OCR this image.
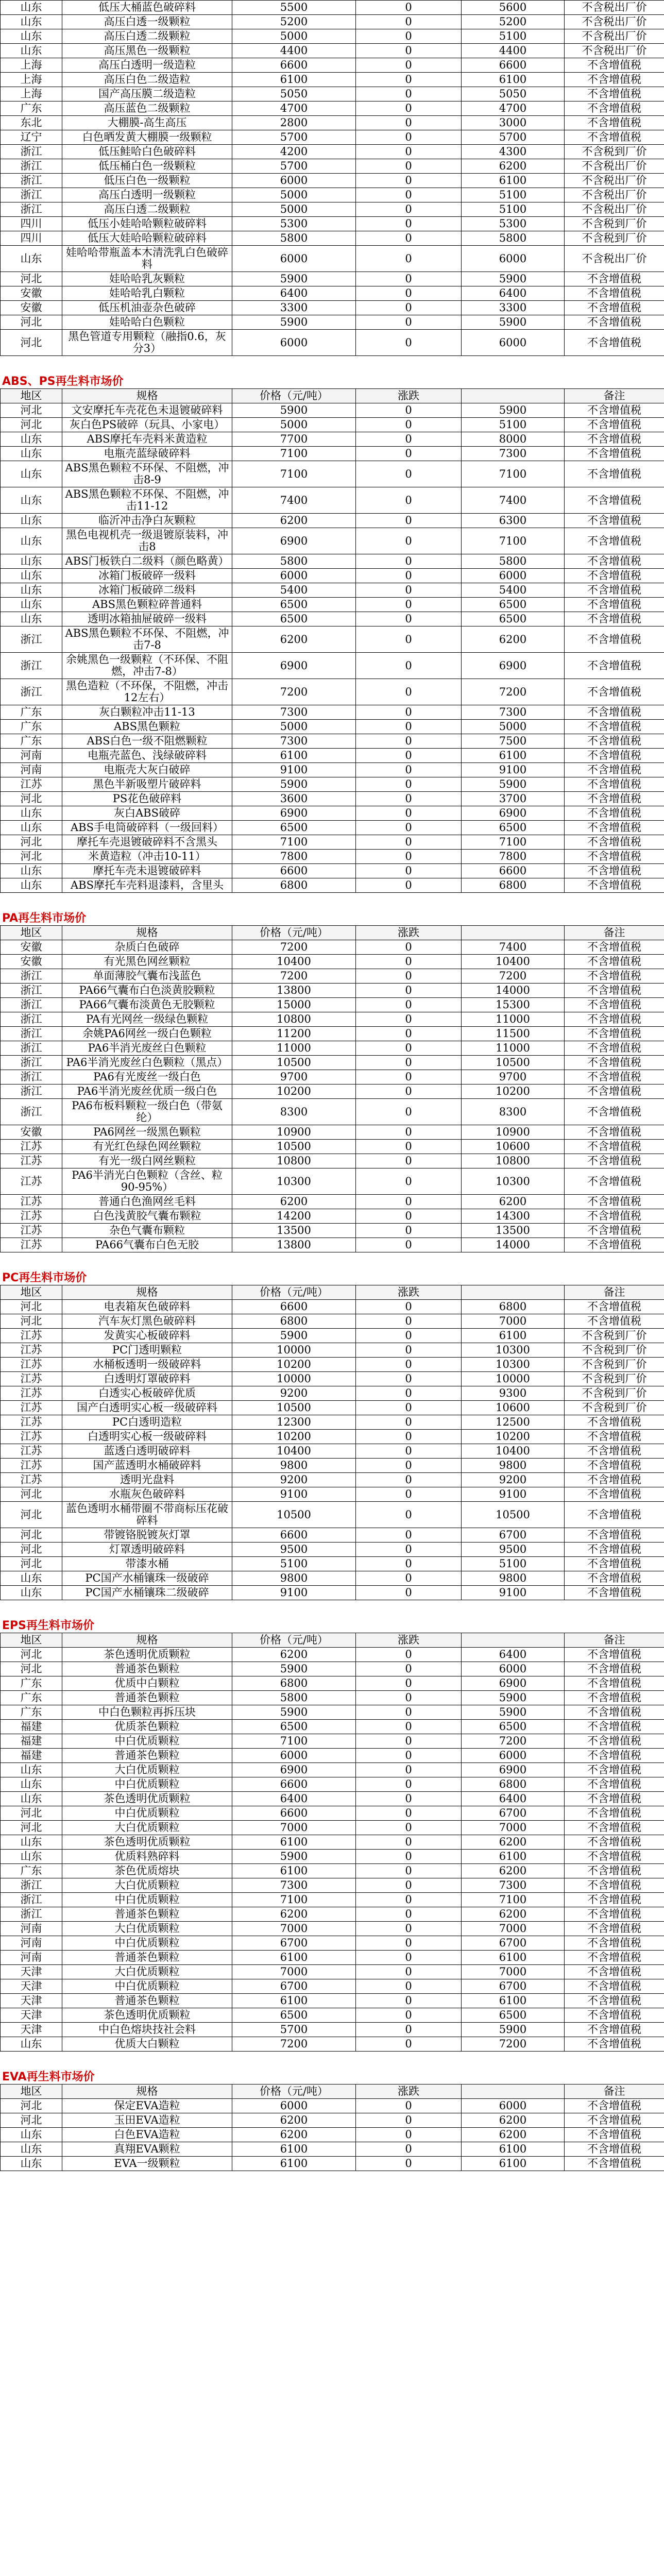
山东	低压大桶蓝色破碎料	5500	0	5600	不含税出厂价
山东	高压白透一级颗粒	5200	0	5200	不含税出厂价
山东	高压白透二级颗粒	5000	0	5100	不含税出厂价
山东	高压黑色一级颗粒	4400	0	4400	不含税出厂价
上海	高压白透明一级造粒	6600	0	6600	不含增值税
上海	高压白色二级造粒	6100	0	6100	不含增值税
上海	国产高压膜二级造粒	5050	0	5050	不含增值税
广东	高压蓝色二级颗粒	4700	0	4700	不含增值税
东北	大棚膜-高生高压	2800	0	3000	不含增值税
辽宁	白色晒发黄大棚膜一级颗粒	5700	0	5700	不含增值税
浙江	低压鲑哈白色破碎料	4200	0	4300	不含税到厂价
浙江	低压桶白色一级颗粒	5700	0	6200	不含税出厂价
浙江	低压白色一级颗粒	6000	0	6100	不含税出厂价
浙江	高压白透明一级颗粒	5000	0	5100	不含税出厂价
浙江	高压白透二级颗粒	5000	0	5100	不含税出厂价
四川	低压小娃哈哈颗粒破碎料	5300	0	5300	不含税到厂价
四川	低压大娃哈哈颗粒破碎料	5800	0	5800	不含税到厂价
山东	娃哈哈带瓶盖本木清洗乳白色破碎料	6000	0	6000	不含税出厂价
河北	娃哈哈乳灰颗粒	5900	0	5900	不含增值税
安徽	娃哈哈乳白颗粒	6400	0	6400	不含增值税
安徽	低压机油壶杂色破碎	3300	0	3300	不含增值税
河北	娃哈哈白色颗粒	5900	0	5900	不含增值税
河北	黑色管道专用颗粒（融指0.6，灰分3）	6000	0	6000	不含增值税
ABS、PS再生料市场价
地区	规格	价格（元/吨）	涨跌		备注
河北	文安摩托车壳花色未退镀破碎料	5900	0	5900	不含增值税
河北	灰白色PS破碎（玩具、小家电）	5000	0	5100	不含增值税
山东	ABS摩托车壳料米黄造粒	7700	0	8000	不含增值税
山东	电瓶壳蓝绿破碎料	7100	0	7300	不含增值税
山东	ABS黑色颗粒不环保、不阻燃，冲击8-9	7100	0	7100	不含增值税
山东	ABS黑色颗粒不环保、不阻燃，冲击11-12	7400	0	7400	不含增值税
山东	临沂冲击净白灰颗粒	6200	0	6300	不含增值税
山东	黑色电视机壳一级退镀原装料，冲击8	6900	0	7100	不含增值税
山东	ABS门板铁白二级料（颜色略黄）	5800	0	5800	不含增值税
山东	冰箱门板破碎一级料	6000	0	6000	不含增值税
山东	冰箱门板破碎二级料	5400	0	5400	不含增值税
山东	ABS黑色颗粒碎普通料	6500	0	6500	不含增值税
山东	透明冰箱抽屉破碎一级料	6500	0	6500	不含增值税
浙江	ABS黑色颗粒不环保、不阻燃，冲击7-8	6200	0	6200	不含增值税
浙江	余姚黑色一级颗粒（不环保、不阻燃，冲击7-8）	6900	0	6900	不含增值税
浙江	黑色造粒（不环保，不阻燃，冲击12左右）	7200	0	7200	不含增值税
广东	灰白颗粒冲击11-13	7300	0	7300	不含增值税
广东	ABS黑色颗粒	5000	0	5000	不含增值税
广东	ABS白色一级不阻燃颗粒	7300	0	7500	不含增值税
河南	电瓶壳蓝色、浅绿破碎料	6100	0	6100	不含增值税
河南	电瓶壳大灰白破碎	9100	0	9100	不含增值税
江苏	黑色半新吸塑片破碎料	5900	0	5900	不含增值税
河北	PS花色破碎料	3600	0	3700	不含增值税
山东	灰白ABS破碎	6900	0	6900	不含增值税
山东	ABS手电筒破碎料（一级回料）	6500	0	6500	不含增值税
河北	摩托车壳退镀破碎料不含黑头	7100	0	7100	不含增值税
河北	米黄造粒（冲击10-11）	7800	0	7800	不含增值税
山东	摩托车壳未退镀破碎料	6600	0	6600	不含增值税
山东	ABS摩托车壳料退漆料，含里头	6800	0	6800	不含增值税
PA再生料市场价
地区	规格	价格（元/吨）	涨跌		备注
安徽	杂质白色破碎	7200	0	7400	不含增值税
安徽	有光黑色网丝颗粒	10400	0	10400	不含增值税
浙江	单面薄胶气囊布浅蓝色	7200	0	7200	不含增值税
浙江	PA66气囊布白色淡黄胶颗粒	13800	0	14000	不含增值税
浙江	PA66气囊布淡黄色无胶颗粒	15000	0	15300	不含增值税
浙江	PA有光网丝一级绿色颗粒	10800	0	11000	不含增值税
浙江	余姚PA6网丝一级白色颗粒	11200	0	11500	不含增值税
浙江	PA6半消光废丝白色颗粒	11000	0	11000	不含增值税
浙江	PA6半消光废丝白色颗粒（黑点）	10500	0	10500	不含增值税
浙江	PA6有光废丝一级白色	9700	0	9700	不含增值税
浙江	PA6半消光废丝优质一级白色	10200	0	10200	不含增值税
浙江	PA6布板料颗粒一级白色（带氨纶）	8300	0	8300	不含增值税
安徽	PA6网丝一级黑色颗粒	10900	0	10900	不含增值税
江苏	有光红色绿色网丝颗粒	10500	0	10600	不含增值税
江苏	有光一级白网丝颗粒	10800	0	10800	不含增值税
江苏	PA6半消光白色颗粒（含丝、粒90-95%）	10300	0	10300	不含增值税
江苏	普通白色渔网丝毛料	6200	0	6200	不含增值税
江苏	白色浅黄胶气囊布颗粒	14200	0	14300	不含增值税
江苏	杂色气囊布颗粒	13500	0	13500	不含增值税
江苏	PA66气囊布白色无胶	13800	0	14000	不含增值税
PC再生料市场价
地区	规格	价格（元/吨）	涨跌		备注
河北	电表箱灰色破碎料	6600	0	6800	不含增值税
河北	汽车灰灯黑色破碎料	6800	0	7000	不含增值税
江苏	发黄实心板破碎料	5900	0	6100	不含税到厂价
江苏	PC门透明颗粒	10000	0	10300	不含税到厂价
江苏	水桶板透明一级破碎料	10200	0	10300	不含税到厂价
江苏	白透明灯罩破碎料	10000	0	10000	不含税到厂价
江苏	白透实心板破碎优质	9200	0	9300	不含税到厂价
江苏	国产白透明实心板一级破碎料	10500	0	10600	不含税到厂价
江苏	PC白透明造粒	12300	0	12500	不含增值税
江苏	白透明实心板一级破碎料	10200	0	10200	不含增值税
江苏	蓝透白透明破碎料	10400	0	10400	不含增值税
江苏	国产蓝透明水桶破碎料	9800	0	9800	不含增值税
江苏	透明光盘料	9200	0	9200	不含增值税
河北	水瓶灰色破碎料	9100	0	9100	不含增值税
河北	蓝色透明水桶带圈不带商标压花破碎料	10500	0	10500	不含增值税
河北	带镀铬脱镀灰灯罩	6600	0	6700	不含增值税
河北	灯罩透明破碎料	9500	0	9500	不含增值税
河北	带漆水桶	5100	0	5100	不含增值税
山东	PC国产水桶镶珠一级破碎	9800	0	9800	不含增值税
山东	PC国产水桶镶珠二级破碎	9100	0	9100	不含增值税
EPS再生料市场价
地区	规格	价格（元/吨）	涨跌		备注
河北	茶色透明优质颗粒	6200	0	6400	不含增值税
河北	普通茶色颗粒	5900	0	6000	不含增值税
广东	优质中白颗粒	6800	0	6900	不含增值税
广东	普通茶色颗粒	5800	0	5900	不含增值税
广东	中白色颗粒再拆压块	5900	0	5900	不含增值税
福建	优质茶色颗粒	6500	0	6500	不含增值税
福建	中白优质颗粒	7100	0	7200	不含增值税
福建	普通茶色颗粒	6000	0	6000	不含增值税
山东	大白优质颗粒	6900	0	6900	不含增值税
山东	中白优质颗粒	6600	0	6800	不含增值税
山东	茶色透明优质颗粒	6400	0	6400	不含增值税
河北	中白优质颗粒	6600	0	6700	不含增值税
河北	大白优质颗粒	7000	0	7000	不含增值税
山东	茶色透明优质颗粒	6100	0	6200	不含增值税
山东	优质料熟碎料	5900	0	6100	不含增值税
广东	茶色优质熔块	6100	0	6200	不含增值税
浙江	大白优质颗粒	7300	0	7300	不含增值税
浙江	中白优质颗粒	7100	0	7100	不含增值税
浙江	普通茶色颗粒	6200	0	6200	不含增值税
河南	大白优质颗粒	7000	0	7000	不含增值税
河南	中白优质颗粒	6700	0	6700	不含增值税
河南	普通茶色颗粒	6100	0	6100	不含增值税
天津	大白优质颗粒	7000	0	7000	不含增值税
天津	中白优质颗粒	6700	0	6700	不含增值税
天津	普通茶色颗粒	6100	0	6100	不含增值税
天津	茶色透明优质颗粒	6500	0	6500	不含增值税
天津	中白色熔块技社会料	5700	0	5900	不含增值税
山东	优质大白颗粒	7200	0	7200	不含增值税
EVA再生料市场价
地区	规格	价格（元/吨）	涨跌		备注
河北	保定EVA造粒	6000	0	6000	不含增值税
河北	玉田EVA造粒	6200	0	6200	不含增值税
山东	白色EVA造粒	6200	0	6200	不含增值税
山东	真翔EVA颗粒	6100	0	6100	不含增值税
山东	EVA一级颗粒	6100	0	6100	不含增值税
